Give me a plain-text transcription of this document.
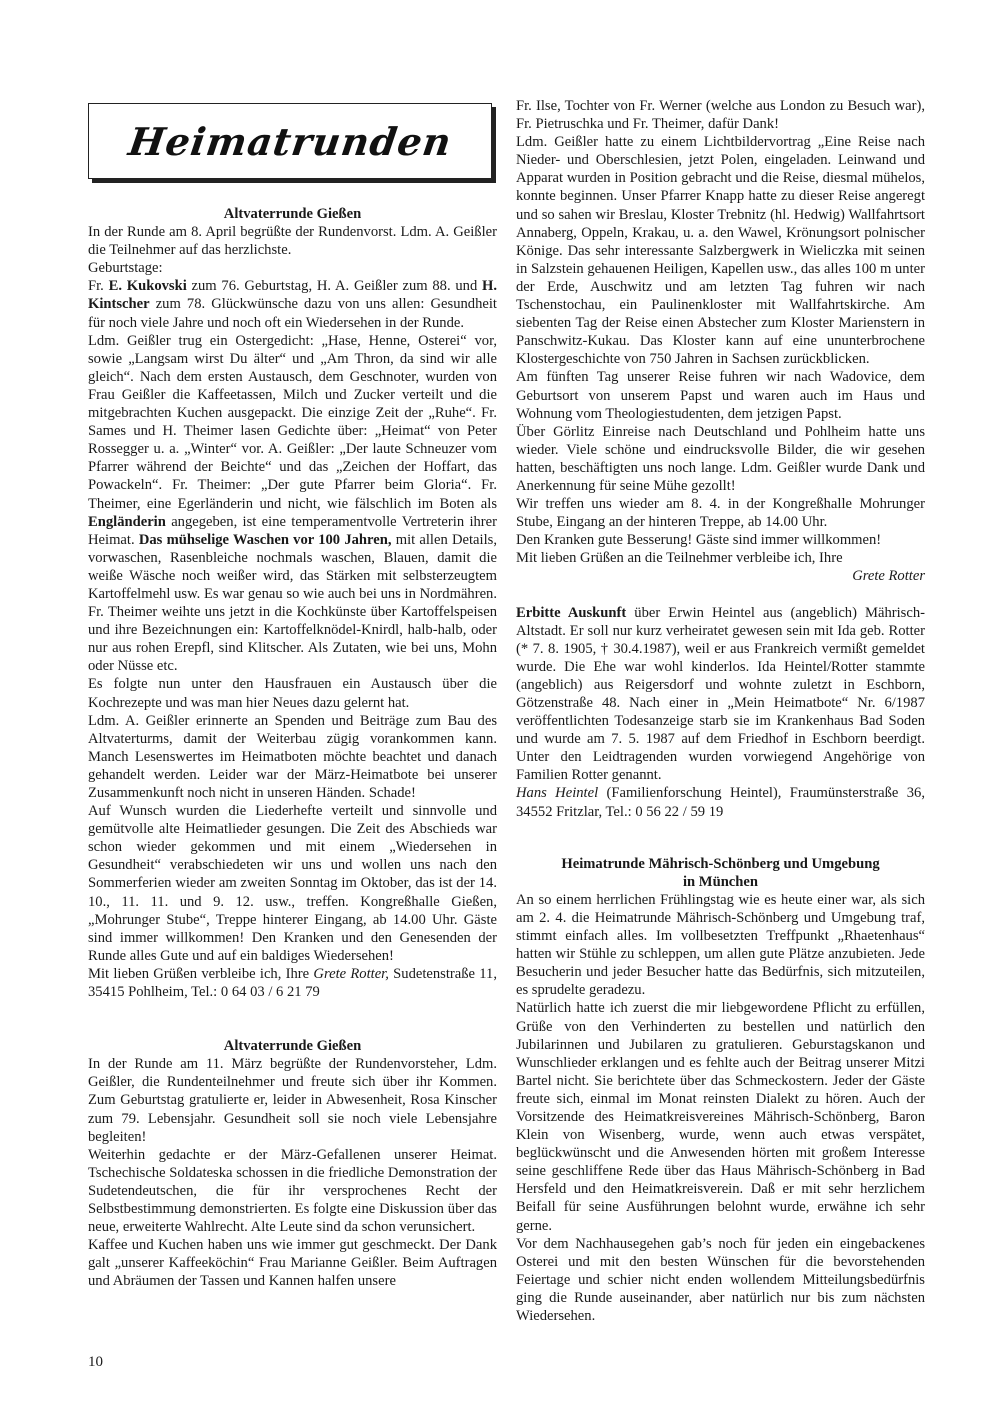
Heimatrunden
Altvaterrunde Gießen

In der Runde am 8. April begrüßte der Rundenvorst. Ldm. A. Geißler die Teilnehmer auf das herzlichste.

Geburtstage:

Fr. E. Kukovski zum 76. Geburtstag, H. A. Geißler zum 88. und H. Kintscher zum 78. Glückwünsche dazu von uns allen: Gesundheit für noch viele Jahre und noch oft ein Wiedersehen in der Runde.

Ldm. Geißler trug ein Ostergedicht: „Hase, Henne, Osterei“ vor, sowie „Langsam wirst Du älter“ und „Am Thron, da sind wir alle gleich“. Nach dem ersten Austausch, dem Geschnoter, wurden von Frau Geißler die Kaffeetassen, Milch und Zucker verteilt und die mitgebrachten Kuchen ausgepackt. Die einzige Zeit der „Ruhe“. Fr. Sames und H. Theimer lasen Gedichte über: „Heimat“ von Peter Rossegger u. a. „Winter“ vor. A. Geißler: „Der laute Schneuzer vom Pfarrer während der Beichte“ und das „Zeichen der Hoffart, das Powackeln“. Fr. Theimer: „Der gute Pfarrer beim Gloria“. Fr. Theimer, eine Egerländerin und nicht, wie fälschlich im Boten als Engländerin angegeben, ist eine temperamentvolle Vertreterin ihrer Heimat. Das mühselige Waschen vor 100 Jahren, mit allen Details, vorwaschen, Rasenbleiche nochmals waschen, Blauen, damit die weiße Wäsche noch weißer wird, das Stärken mit selbsterzeugtem Kartoffelmehl usw. Es war genau so wie auch bei uns in Nordmähren. Fr. Theimer weihte uns jetzt in die Kochkünste über Kartoffelspeisen und ihre Bezeichnungen ein: Kartoffelknödel-Knirdl, halb-halb, oder nur aus rohen Erepfl, sind Klitscher. Als Zutaten, wie bei uns, Mohn oder Nüsse etc.

Es folgte nun unter den Hausfrauen ein Austausch über die Kochrezepte und was man hier Neues dazu gelernt hat.

Ldm. A. Geißler erinnerte an Spenden und Beiträge zum Bau des Altvaterturms, damit der Weiterbau zügig vorankommen kann. Manch Lesenswertes im Heimatboten möchte beachtet und danach gehandelt werden. Leider war der März-Heimatbote bei unserer Zusammenkunft noch nicht in unseren Händen. Schade!

Auf Wunsch wurden die Liederhefte verteilt und sinnvolle und gemütvolle alte Heimatlieder gesungen. Die Zeit des Abschieds war schon wieder gekommen und mit einem „Wiedersehen in Gesundheit“ verabschiedeten wir uns und wollen uns nach den Sommerferien wieder am zweiten Sonntag im Oktober, das ist der 14. 10., 11. 11. und 9. 12. usw., treffen. Kongreßhalle Gießen, „Mohrunger Stube“, Treppe hinterer Eingang, ab 14.00 Uhr. Gäste sind immer willkommen! Den Kranken und den Genesenden der Runde alles Gute und auf ein baldiges Wiedersehen!

Mit lieben Grüßen verbleibe ich, Ihre Grete Rotter, Sudetenstraße 11, 35415 Pohlheim, Tel.: 0 64 03 / 6 21 79

Altvaterrunde Gießen

In der Runde am 11. März begrüßte der Rundenvorsteher, Ldm. Geißler, die Rundenteilnehmer und freute sich über ihr Kommen. Zum Geburtstag gratulierte er, leider in Abwesenheit, Rosa Kinscher zum 79. Lebensjahr. Gesundheit soll sie noch viele Lebensjahre begleiten!

Weiterhin gedachte er der März-Gefallenen unserer Heimat. Tschechische Soldateska schossen in die friedliche Demonstration der Sudetendeutschen, die für ihr versprochenes Recht der Selbstbestimmung demonstrierten. Es folgte eine Diskussion über das neue, erweiterte Wahlrecht. Alte Leute sind da schon verunsichert.

Kaffee und Kuchen haben uns wie immer gut geschmeckt. Der Dank galt „unserer Kaffeeköchin“ Frau Marianne Geißler. Beim Auftragen und Abräumen der Tassen und Kannen halfen unsere

Fr. Ilse, Tochter von Fr. Werner (welche aus London zu Besuch war), Fr. Pietruschka und Fr. Theimer, dafür Dank!

Ldm. Geißler hatte zu einem Lichtbildervortrag „Eine Reise nach Nieder- und Oberschlesien, jetzt Polen, eingeladen. Leinwand und Apparat wurden in Position gebracht und die Reise, diesmal mühelos, konnte beginnen. Unser Pfarrer Knapp hatte zu dieser Reise angeregt und so sahen wir Breslau, Kloster Trebnitz (hl. Hedwig) Wallfahrtsort Annaberg, Oppeln, Krakau, u. a. den Wawel, Krönungsort polnischer Könige. Das sehr interessante Salzbergwerk in Wieliczka mit seinen in Salzstein gehauenen Heiligen, Kapellen usw., das alles 100 m unter der Erde, Auschwitz und am letzten Tag fuhren wir nach Tschenstochau, ein Paulinenkloster mit Wallfahrtskirche. Am siebenten Tag der Reise einen Abstecher zum Kloster Marienstern in Panschwitz-Kukau. Das Kloster kann auf eine ununterbrochene Klostergeschichte von 750 Jahren in Sachsen zurückblicken.

Am fünften Tag unserer Reise fuhren wir nach Wadovice, dem Geburtsort von unserem Papst und waren auch im Haus und Wohnung vom Theologiestudenten, dem jetzigen Papst.

Über Görlitz Einreise nach Deutschland und Pohlheim hatte uns wieder. Viele schöne und eindrucksvolle Bilder, die wir gesehen hatten, beschäftigten uns noch lange. Ldm. Geißler wurde Dank und Anerkennung für seine Mühe gezollt!

Wir treffen uns wieder am 8. 4. in der Kongreßhalle Mohrunger Stube, Eingang an der hinteren Treppe, ab 14.00 Uhr.

Den Kranken gute Besserung! Gäste sind immer willkommen!

Mit lieben Grüßen an die Teilnehmer verbleibe ich, Ihre

Grete Rotter

Erbitte Auskunft über Erwin Heintel aus (angeblich) Mährisch-Altstadt. Er soll nur kurz verheiratet gewesen sein mit Ida geb. Rotter (* 7. 8. 1905, † 30.4.1987), weil er aus Frankreich vermißt gemeldet wurde. Die Ehe war wohl kinderlos. Ida Heintel/Rotter stammte (angeblich) aus Reigersdorf und wohnte zuletzt in Eschborn, Götzenstraße 48. Nach einer in „Mein Heimatbote“ Nr. 6/1987 veröffentlichten Todesanzeige starb sie im Krankenhaus Bad Soden und wurde am 7. 5. 1987 auf dem Friedhof in Eschborn beerdigt. Unter den Leidtragenden wurden vorwiegend Angehörige von Familien Rotter genannt.

Hans Heintel (Familienforschung Heintel), Fraumünsterstraße 36, 34552 Fritzlar, Tel.: 0 56 22 / 59 19

Heimatrunde Mährisch-Schönberg und Umgebung
in München

An so einem herrlichen Frühlingstag wie es heute einer war, als sich am 2. 4. die Heimatrunde Mährisch-Schönberg und Umgebung traf, stimmt einfach alles. Im vollbesetzten Treffpunkt „Rhaetenhaus“ hatten wir Stühle zu schleppen, um allen gute Plätze anzubieten. Jede Besucherin und jeder Besucher hatte das Bedürfnis, sich mitzuteilen, es sprudelte geradezu.

Natürlich hatte ich zuerst die mir liebgewordene Pflicht zu erfüllen, Grüße von den Verhinderten zu bestellen und natürlich den Jubilarinnen und Jubilaren zu gratulieren. Geburstagskanon und Wunschlieder erklangen und es fehlte auch der Beitrag unserer Mitzi Bartel nicht. Sie berichtete über das Schmeckostern. Jeder der Gäste freute sich, einmal im Monat reinsten Dialekt zu hören. Auch der Vorsitzende des Heimatkreisvereines Mährisch-Schönberg, Baron Klein von Wisenberg, wurde, wenn auch etwas verspätet, beglückwünscht und die Anwesenden hörten mit großem Interesse seine geschliffene Rede über das Haus Mährisch-Schönberg in Bad Hersfeld und den Heimatkreisverein. Daß er mit sehr herzlichem Beifall für seine Ausführungen belohnt wurde, erwähne ich sehr gerne.

Vor dem Nachhausegehen gab’s noch für jeden ein eingebackenes Osterei und mit den besten Wünschen für die bevorstehenden Feiertage und schier nicht enden wollendem Mitteilungsbedürfnis ging die Runde auseinander, aber natürlich nur bis zum nächsten Wiedersehen.

10
